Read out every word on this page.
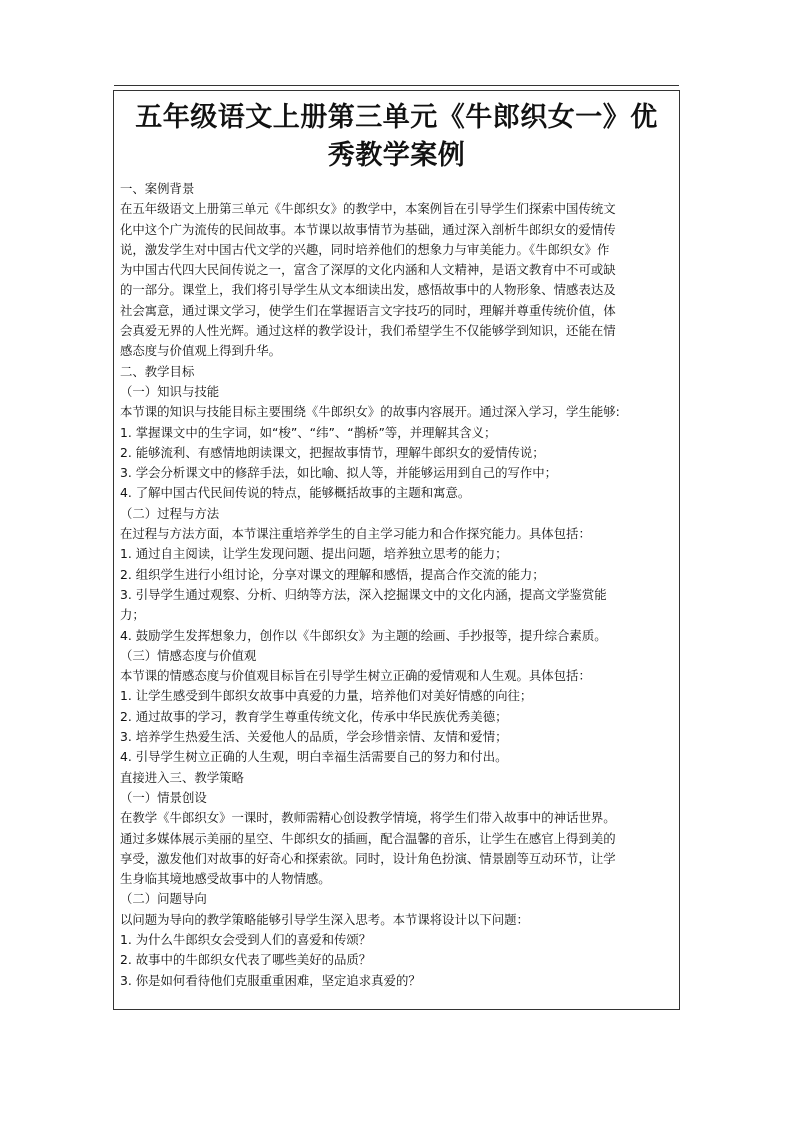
五年级语文上册第三单元《牛郎织女一》优
秀教学案例
一、案例背景
在五年级语文上册第三单元《牛郎织女》的教学中，本案例旨在引导学生们探索中国传统文
化中这个广为流传的民间故事。本节课以故事情节为基础，通过深入剖析牛郎织女的爱情传
说，激发学生对中国古代文学的兴趣，同时培养他们的想象力与审美能力。《牛郎织女》作
为中国古代四大民间传说之一，富含了深厚的文化内涵和人文精神，是语文教育中不可或缺
的一部分。课堂上，我们将引导学生从文本细读出发，感悟故事中的人物形象、情感表达及
社会寓意，通过课文学习，使学生们在掌握语言文字技巧的同时，理解并尊重传统价值，体
会真爱无界的人性光辉。通过这样的教学设计，我们希望学生不仅能够学到知识，还能在情
感态度与价值观上得到升华。
二、教学目标
（一）知识与技能
本节课的知识与技能目标主要围绕《牛郎织女》的故事内容展开。通过深入学习，学生能够:
1. 掌握课文中的生字词，如“梭”、“纬”、“鹊桥”等，并理解其含义；
2. 能够流利、有感情地朗读课文，把握故事情节，理解牛郎织女的爱情传说；
3. 学会分析课文中的修辞手法，如比喻、拟人等，并能够运用到自己的写作中；
4. 了解中国古代民间传说的特点，能够概括故事的主题和寓意。
（二）过程与方法
在过程与方法方面，本节课注重培养学生的自主学习能力和合作探究能力。具体包括：
1. 通过自主阅读，让学生发现问题、提出问题，培养独立思考的能力；
2. 组织学生进行小组讨论，分享对课文的理解和感悟，提高合作交流的能力；
3. 引导学生通过观察、分析、归纳等方法，深入挖掘课文中的文化内涵，提高文学鉴赏能
力；
4. 鼓励学生发挥想象力，创作以《牛郎织女》为主题的绘画、手抄报等，提升综合素质。
（三）情感态度与价值观
本节课的情感态度与价值观目标旨在引导学生树立正确的爱情观和人生观。具体包括：
1. 让学生感受到牛郎织女故事中真爱的力量，培养他们对美好情感的向往；
2. 通过故事的学习，教育学生尊重传统文化，传承中华民族优秀美德；
3. 培养学生热爱生活、关爱他人的品质，学会珍惜亲情、友情和爱情；
4. 引导学生树立正确的人生观，明白幸福生活需要自己的努力和付出。
直接进入三、教学策略
（一）情景创设
在教学《牛郎织女》一课时，教师需精心创设教学情境，将学生们带入故事中的神话世界。
通过多媒体展示美丽的星空、牛郎织女的插画，配合温馨的音乐，让学生在感官上得到美的
享受，激发他们对故事的好奇心和探索欲。同时，设计角色扮演、情景剧等互动环节，让学
生身临其境地感受故事中的人物情感。
（二）问题导向
以问题为导向的教学策略能够引导学生深入思考。本节课将设计以下问题：
1. 为什么牛郎织女会受到人们的喜爱和传颂？
2. 故事中的牛郎织女代表了哪些美好的品质？
3. 你是如何看待他们克服重重困难，坚定追求真爱的？
